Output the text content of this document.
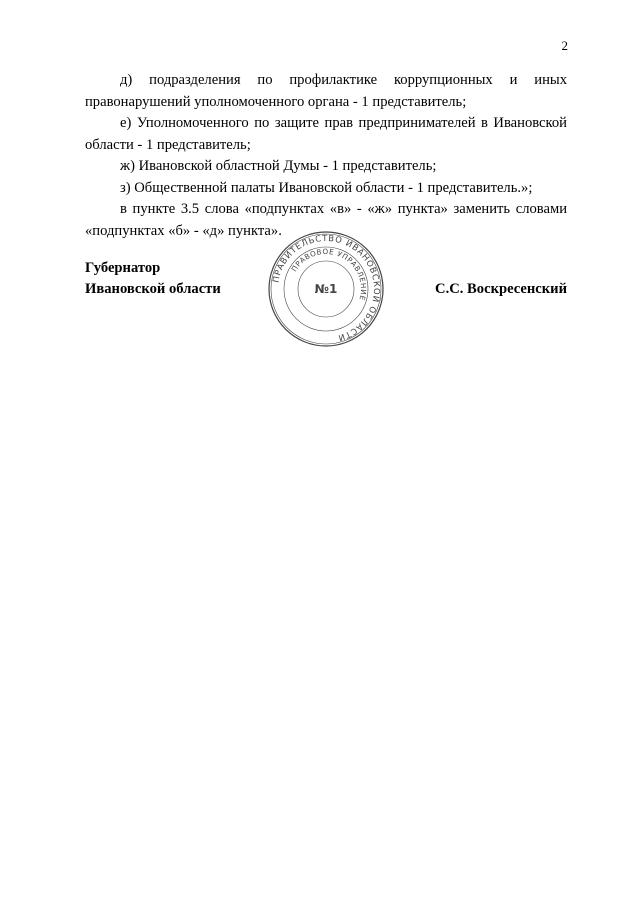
2

д) подразделения по профилактике коррупционных и иных правонарушений уполномоченного органа - 1 представитель;

е) Уполномоченного по защите прав предпринимателей в Ивановской области - 1 представитель;

ж) Ивановской областной Думы - 1 представитель;

з) Общественной палаты Ивановской области - 1 представитель.»;

в пункте 3.5 слова «подпунктах «в» - «ж» пункта» заменить словами «подпунктах «б» - «д» пункта».

Губернатор
Ивановской области	С.С. Воскресенский
ПРАВИТЕЛЬСТВО ИВАНОВСКОЙ ОБЛАСТИ
ПРАВОВОЕ УПРАВЛЕНИЕ
№1
